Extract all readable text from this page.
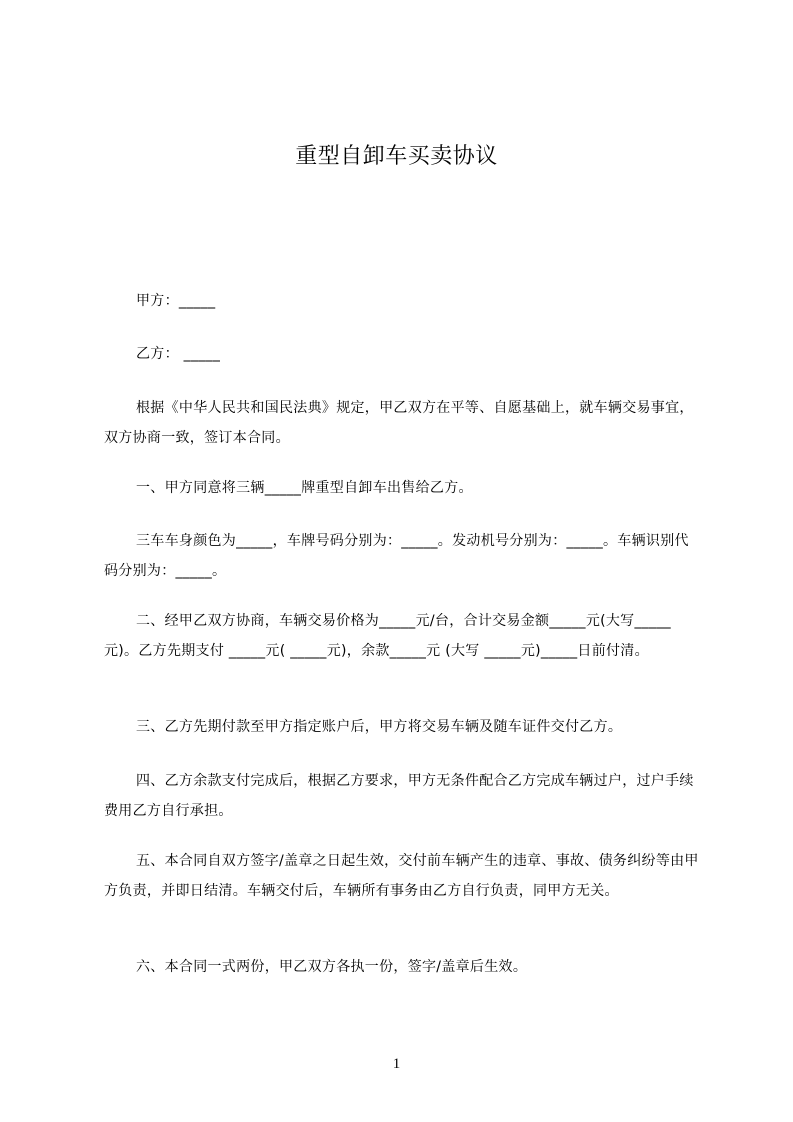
重型自卸车买卖协议

甲方：_____

乙方： _____

根据《中华人民共和国民法典》规定，甲乙双方在平等、自愿基础上，就车辆交易事宜，双方协商一致，签订本合同。

一、甲方同意将三辆_____牌重型自卸车出售给乙方。

三车车身颜色为_____，车牌号码分别为：_____。发动机号分别为：_____。车辆识别代码分别为：_____。

二、经甲乙双方协商，车辆交易价格为_____元/台，合计交易金额_____元(大写_____元)。乙方先期支付 _____元( _____元)，余款_____元 (大写 _____元)_____日前付清。

三、乙方先期付款至甲方指定账户后，甲方将交易车辆及随车证件交付乙方。

四、乙方余款支付完成后，根据乙方要求，甲方无条件配合乙方完成车辆过户，过户手续费用乙方自行承担。

五、本合同自双方签字/盖章之日起生效，交付前车辆产生的违章、事故、债务纠纷等由甲方负责，并即日结清。车辆交付后，车辆所有事务由乙方自行负责，同甲方无关。

六、本合同一式两份，甲乙双方各执一份，签字/盖章后生效。

1
